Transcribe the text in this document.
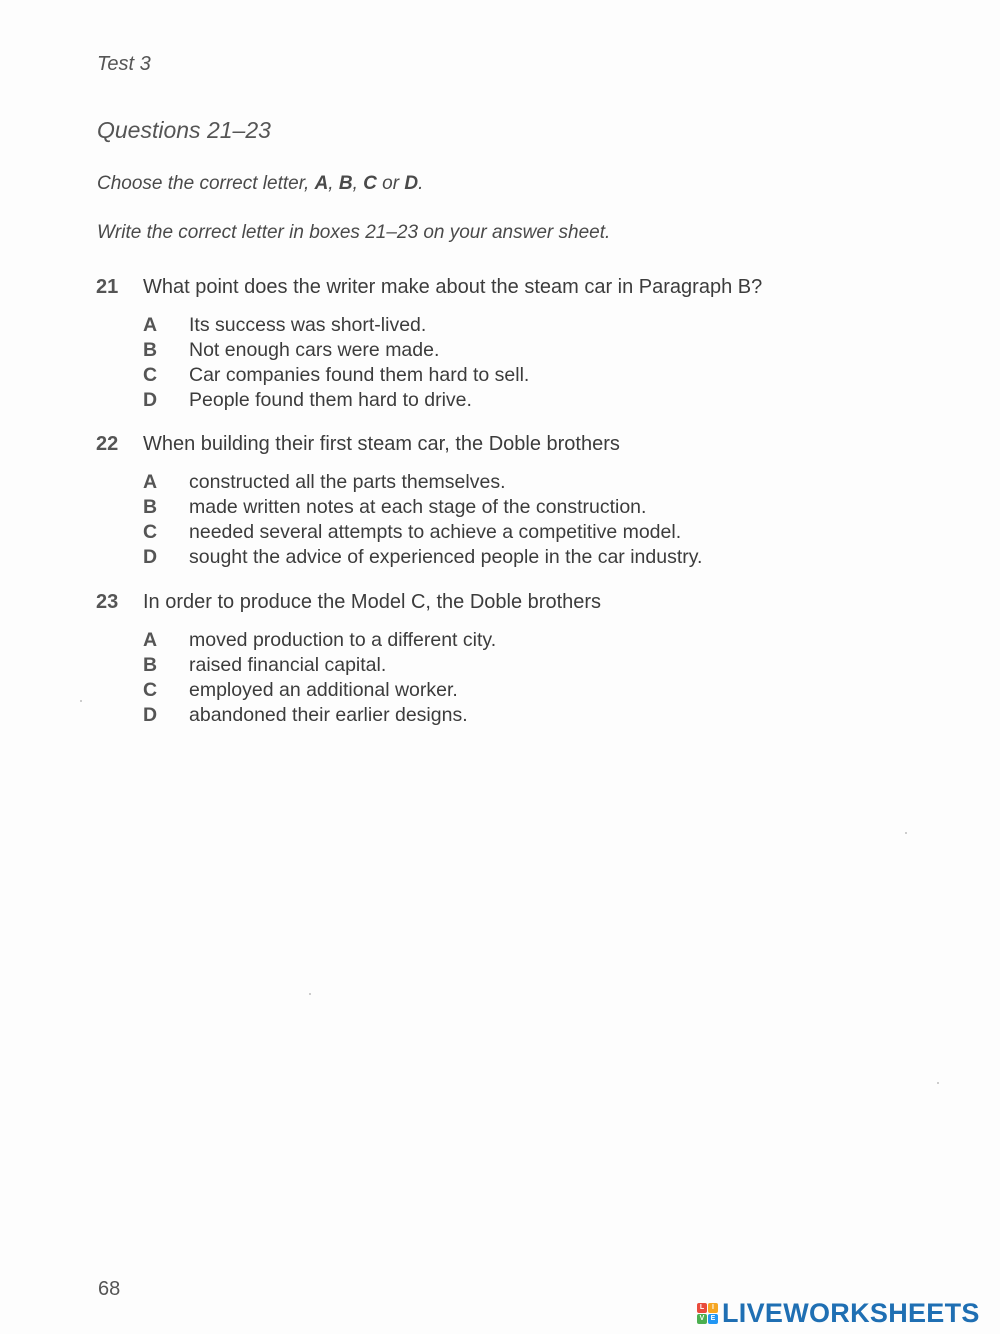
Test 3
Questions 21–23
Choose the correct letter, A, B, C or D.
Write the correct letter in boxes 21–23 on your answer sheet.
21	What point does the writer make about the steam car in Paragraph B?
A	Its success was short-lived.
B	Not enough cars were made.
C	Car companies found them hard to sell.
D	People found them hard to drive.
22	When building their first steam car, the Doble brothers
A	constructed all the parts themselves.
B	made written notes at each stage of the construction.
C	needed several attempts to achieve a competitive model.
D	sought the advice of experienced people in the car industry.
23	In order to produce the Model C, the Doble brothers
A	moved production to a different city.
B	raised financial capital.
C	employed an additional worker.
D	abandoned their earlier designs.
68
L	I
V E LIVEWORKSHEETS
